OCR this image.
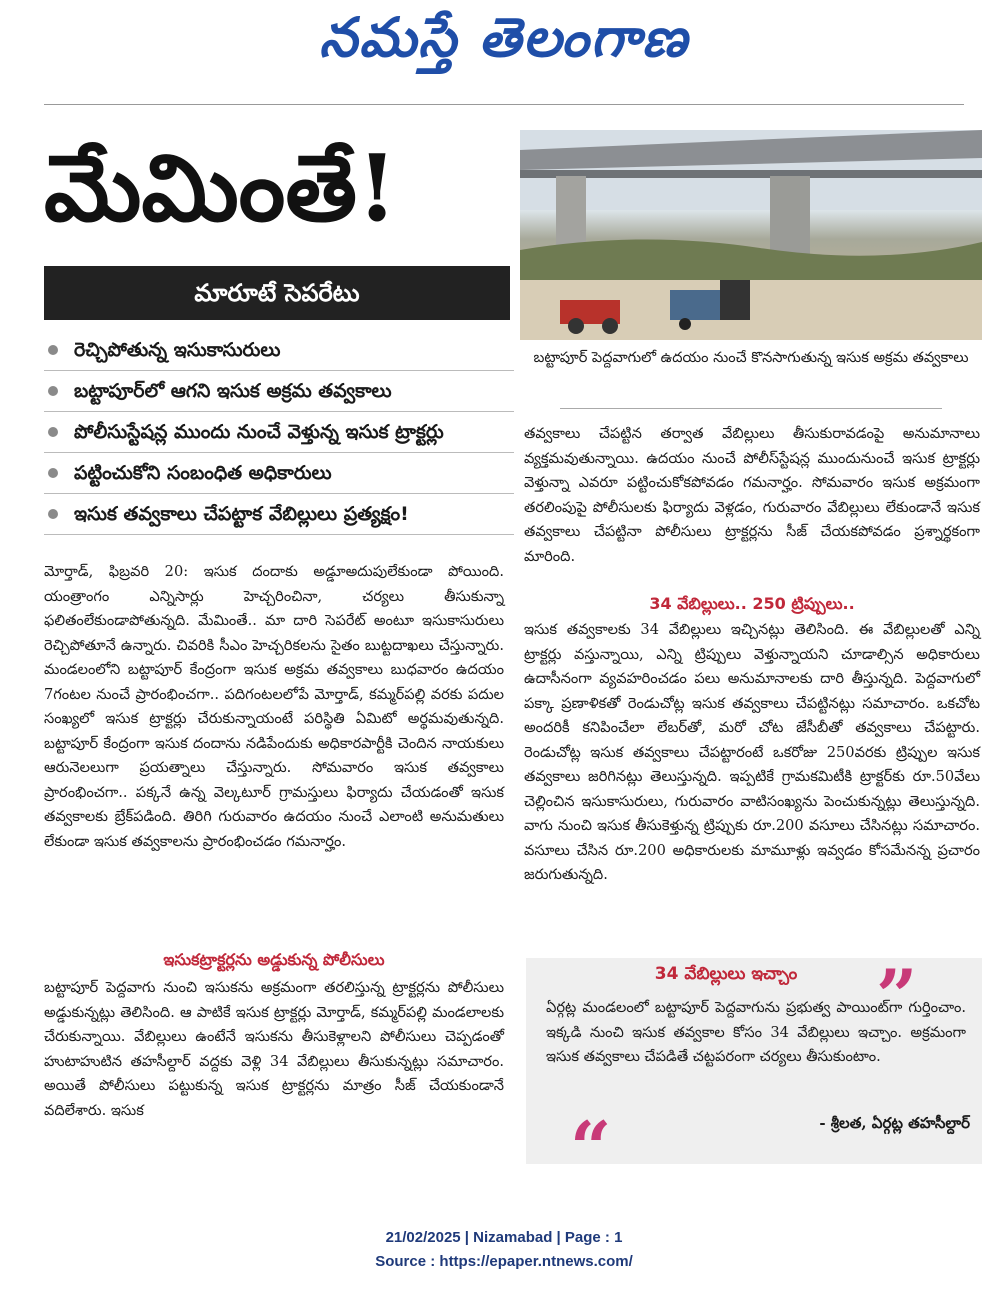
నమస్తే తెలంగాణ
మేమింతే!
మారూటే సెపరేటు
రెచ్చిపోతున్న ఇసుకాసురులు
బట్టాపూర్‌లో ఆగని ఇసుక అక్రమ తవ్వకాలు
పోలీసుస్టేషన్ల ముందు నుంచే వెళ్తున్న ఇసుక ట్రాక్టర్లు
పట్టించుకోని సంబంధిత అధికారులు
ఇసుక తవ్వకాలు చేపట్టాక వేబిల్లులు ప్రత్యక్షం!

మోర్తాడ్, ఫిబ్రవరి 20: ఇసుక దందాకు అడ్డూఅదుపులేకుండా పోయింది. యంత్రాంగం ఎన్నిసార్లు హెచ్చరించినా, చర్యలు తీసుకున్నా ఫలితంలేకుండాపోతున్నది. మేమింతే.. మా దారి సెపరేట్ అంటూ ఇసుకాసురులు రెచ్చిపోతూనే ఉన్నారు. చివరికి సీఎం హెచ్చరికలను సైతం బుట్టదాఖలు చేస్తున్నారు. మండలంలోని బట్టాపూర్ కేంద్రంగా ఇసుక అక్రమ తవ్వకాలు బుధవారం ఉదయం 7గంటల నుంచే ప్రారంభించగా.. పదిగంటలలోపే మోర్తాడ్, కమ్మర్‌పల్లి వరకు పదుల సంఖ్యలో ఇసుక ట్రాక్టర్లు చేరుకున్నాయంటే పరిస్థితి ఏమిటో అర్థమవుతున్నది. బట్టాపూర్ కేంద్రంగా ఇసుక దందాను నడిపేందుకు అధికారపార్టీకి చెందిన నాయకులు ఆరునెలలుగా ప్రయత్నాలు చేస్తున్నారు. సోమవారం ఇసుక తవ్వకాలు ప్రారంభించగా.. పక్కనే ఉన్న వెల్కటూర్ గ్రామస్తులు ఫిర్యాదు చేయడంతో ఇసుక తవ్వకాలకు బ్రేక్‌పడింది. తిరిగి గురువారం ఉదయం నుంచే ఎలాంటి అనుమతులు లేకుండా ఇసుక తవ్వకాలను ప్రారంభించడం గమనార్హం.

ఇసుకట్రాక్టర్లను అడ్డుకున్న పోలీసులు

బట్టాపూర్ పెద్దవాగు నుంచి ఇసుకను అక్రమంగా తరలిస్తున్న ట్రాక్టర్లను పోలీసులు అడ్డుకున్నట్లు తెలిసింది. ఆ పాటికే ఇసుక ట్రాక్టర్లు మోర్తాడ్, కమ్మర్‌పల్లి మండలాలకు చేరుకున్నాయి. వేబిల్లులు ఉంటేనే ఇసుకను తీసుకెళ్లాలని పోలీసులు చెప్పడంతో హుటాహుటిన తహసీల్దార్ వద్దకు వెళ్లి 34 వేబిల్లులు తీసుకున్నట్లు సమాచారం. అయితే పోలీసులు పట్టుకున్న ఇసుక ట్రాక్టర్లను మాత్రం సీజ్ చేయకుండానే వదిలేశారు. ఇసుక

బట్టాపూర్ పెద్దవాగులో ఉదయం నుంచే కొనసాగుతున్న ఇసుక అక్రమ తవ్వకాలు

తవ్వకాలు చేపట్టిన తర్వాత వేబిల్లులు తీసుకురావడంపై అనుమానాలు వ్యక్తమవుతున్నాయి. ఉదయం నుంచే పోలీస్‌స్టేషన్ల ముందునుంచే ఇసుక ట్రాక్టర్లు వెళ్తున్నా ఎవరూ పట్టించుకోకపోవడం గమనార్హం. సోమవారం ఇసుక అక్రమంగా తరలింపుపై పోలీసులకు ఫిర్యాదు వెళ్లడం, గురువారం వేబిల్లులు లేకుండానే ఇసుక తవ్వకాలు చేపట్టినా పోలీసులు ట్రాక్టర్లను సీజ్ చేయకపోవడం ప్రశ్నార్థకంగా మారింది.

34 వేబిల్లులు.. 250 ట్రిప్పులు..

ఇసుక తవ్వకాలకు 34 వేబిల్లులు ఇచ్చినట్లు తెలిసింది. ఈ వేబిల్లులతో ఎన్ని ట్రాక్టర్లు వస్తున్నాయి, ఎన్ని ట్రిప్పులు వెళ్తున్నాయని చూడాల్సిన అధికారులు ఉదాసీనంగా వ్యవహరించడం పలు అనుమానాలకు దారి తీస్తున్నది. పెద్దవాగులో పక్కా ప్రణాళికతో రెండుచోట్ల ఇసుక తవ్వకాలు చేపట్టినట్లు సమాచారం. ఒకచోట అందరికీ కనిపించేలా లేబర్‌తో, మరో చోట జేసీబీతో తవ్వకాలు చేపట్టారు. రెండుచోట్ల ఇసుక తవ్వకాలు చేపట్టారంటే ఒకరోజు 250వరకు ట్రిప్పుల ఇసుక తవ్వకాలు జరిగినట్లు తెలుస్తున్నది. ఇప్పటికే గ్రామకమిటీకి ట్రాక్టర్‌కు రూ.50వేలు చెల్లించిన ఇసుకాసురులు, గురువారం వాటిసంఖ్యను పెంచుకున్నట్లు తెలుస్తున్నది. వాగు నుంచి ఇసుక తీసుకెళ్తున్న ట్రిప్పుకు రూ.200 వసూలు చేసినట్లు సమాచారం. వసూలు చేసిన రూ.200 అధికారులకు మామూళ్లు ఇవ్వడం కోసమేనన్న ప్రచారం జరుగుతున్నది.

34 వేబిల్లులు ఇచ్చాం	”

ఏర్గట్ల మండలంలో బట్టాపూర్ పెద్దవాగును ప్రభుత్వ పాయింట్‌గా గుర్తించాం. ఇక్కడి నుంచి ఇసుక తవ్వకాల కోసం 34 వేబిల్లులు ఇచ్చాం. అక్రమంగా ఇసుక తవ్వకాలు చేపడితే చట్టపరంగా చర్యలు తీసుకుంటాం.

“	- శ్రీలత, ఏర్గట్ల తహసీల్దార్
21/02/2025 | Nizamabad | Page : 1
Source : https://epaper.ntnews.com/
